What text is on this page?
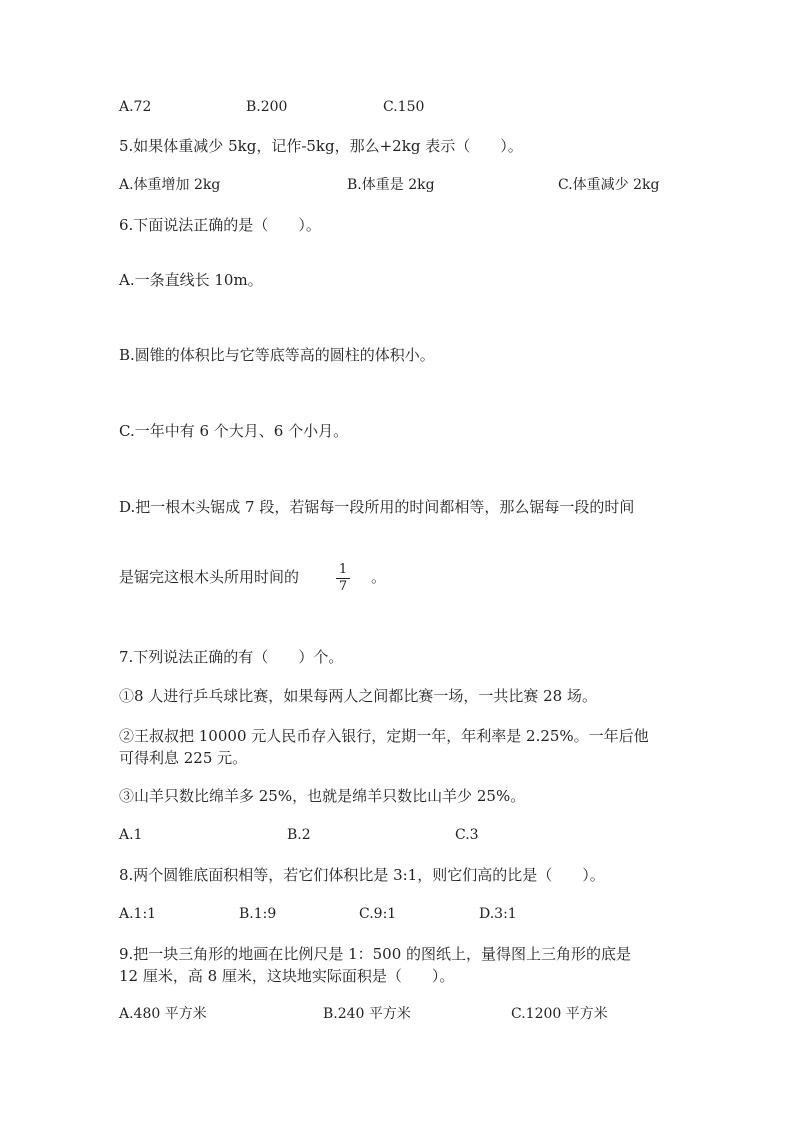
A.72	B.200	C.150
5.如果体重减少 5kg，记作-5kg，那么+2kg 表示（　　）。
A.体重增加 2kg	B.体重是 2kg	C.体重减少 2kg
6.下面说法正确的是（　　）。
A.一条直线长 10m。
B.圆锥的体积比与它等底等高的圆柱的体积小。
C.一年中有 6 个大月、6 个小月。
D.把一根木头锯成 7 段，若锯每一段所用的时间都相等，那么锯每一段的时间
是锯完这根木头所用时间的	1
7
。
7.下列说法正确的有（　　）个。
①8 人进行乒乓球比赛，如果每两人之间都比赛一场，一共比赛 28 场。
②王叔叔把 10000 元人民币存入银行，定期一年，年利率是 2.25%。一年后他
可得利息 225 元。
③山羊只数比绵羊多 25%，也就是绵羊只数比山羊少 25%。
A.1	B.2	C.3
8.两个圆锥底面积相等，若它们体积比是 3:1，则它们高的比是（　　）。
A.1:1	B.1:9	C.9:1	D.3:1
9.把一块三角形的地画在比例尺是 1：500 的图纸上，量得图上三角形的底是
12 厘米，高 8 厘米，这块地实际面积是（　　）。
A.480 平方米	B.240 平方米	C.1200 平方米
